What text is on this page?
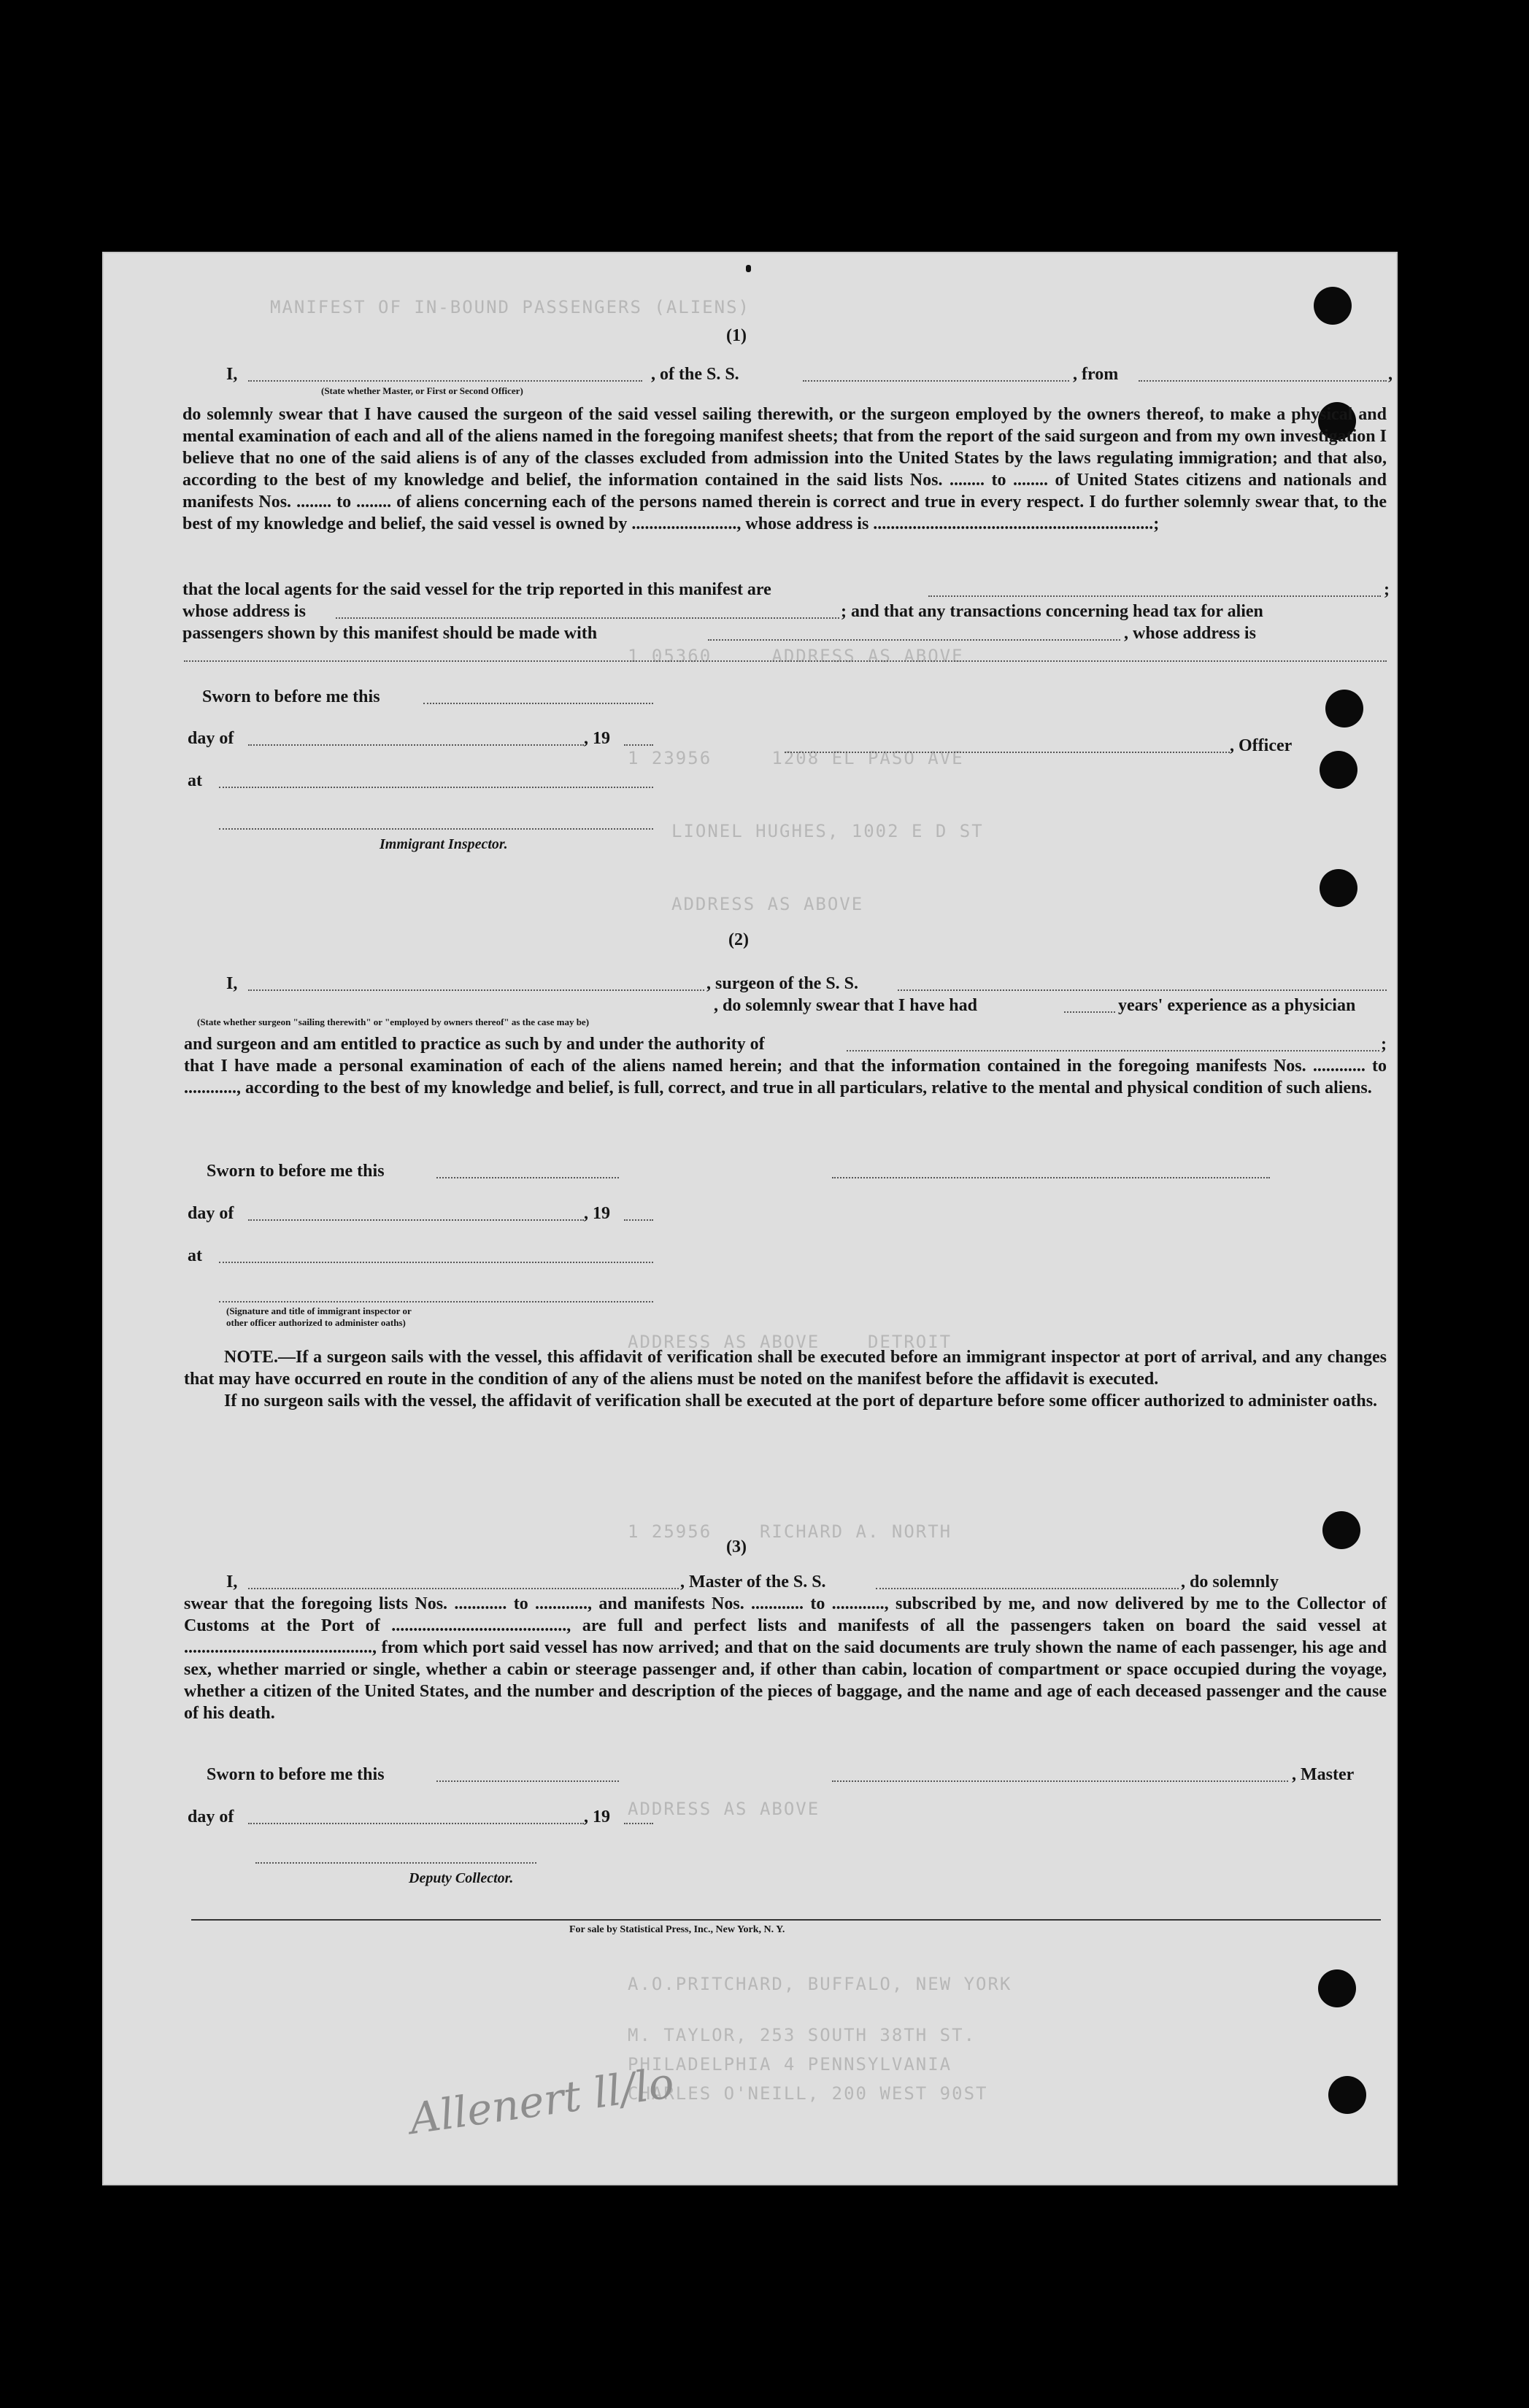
MANIFEST OF IN-BOUND PASSENGERS (ALIENS)
1 05360     ADDRESS AS ABOVE
1 23956     1208 EL PASO AVE
LIONEL HUGHES, 1002 E D ST
ADDRESS AS ABOVE
ADDRESS AS ABOVE    DETROIT
1 25956    RICHARD A. NORTH
ADDRESS AS ABOVE
A.O.PRITCHARD, BUFFALO, NEW YORK
M. TAYLOR, 253 SOUTH 38TH ST.
PHILADELPHIA 4 PENNSYLVANIA
CHARLES O'NEILL, 200 WEST 90ST
(1)
I,	, of the S. S.	, from	,
(State whether Master, or First or Second Officer)
do solemnly swear that I have caused the surgeon of the said vessel sailing therewith, or the surgeon employed by the owners thereof, to make a physical and mental examination of each and all of the aliens named in the foregoing manifest sheets; that from the report of the said surgeon and from my own investigation I believe that no one of the said aliens is of any of the classes excluded from admission into the United States by the laws regulating immigration; and that also, according to the best of my knowledge and belief, the information contained in the said lists Nos. ........ to ........ of United States citizens and nationals and manifests Nos. ........ to ........ of aliens concerning each of the persons named therein is correct and true in every respect. I do further solemnly swear that, to the best of my knowledge and belief, the said vessel is owned by ........................, whose address is ................................................................;
that the local agents for the said vessel for the trip reported in this manifest are	;
whose address is	; and that any transactions concerning head tax for alien
passengers shown by this manifest should be made with	, whose address is
Sworn to before me this
day of	, 19
at
Immigrant Inspector.
, Officer
(2)
I,	, surgeon of the S. S.
, do solemnly swear that I have had	years' experience as a physician
(State whether surgeon "sailing therewith" or "employed by owners thereof" as the case may be)
and surgeon and am entitled to practice as such by and under the authority of	;
that I have made a personal examination of each of the aliens named herein; and that the information contained in the foregoing manifests Nos. ............ to ............, according to the best of my knowledge and belief, is full, correct, and true in all particulars, relative to the mental and physical condition of such aliens.
Sworn to before me this
day of	, 19
at
(Signature and title of immigrant inspector or
other officer authorized to administer oaths)

NOTE.—If a surgeon sails with the vessel, this affidavit of verification shall be executed before an immigrant inspector at port of arrival, and any changes that may have occurred en route in the condition of any of the aliens must be noted on the manifest before the affidavit is executed.

If no surgeon sails with the vessel, the affidavit of verification shall be executed at the port of departure before some officer authorized to administer oaths.

(3)
I,	, Master of the S. S.	, do solemnly
swear that the foregoing lists Nos. ............ to ............, and manifests Nos. ............ to ............, subscribed by me, and now delivered by me to the Collector of Customs at the Port of ........................................, are full and perfect lists and manifests of all the passengers taken on board the said vessel at ..........................................., from which port said vessel has now arrived; and that on the said documents are truly shown the name of each passenger, his age and sex, whether married or single, whether a cabin or steerage passenger and, if other than cabin, location of compartment or space occupied during the voyage, whether a citizen of the United States, and the number and description of the pieces of baggage, and the name and age of each deceased passenger and the cause of his death.
Sworn to before me this
day of	, 19
, Master
Deputy Collector.
For sale by Statistical Press, Inc., New York, N. Y.
A​llen​e​rt ​ll​/​l​o​​​
